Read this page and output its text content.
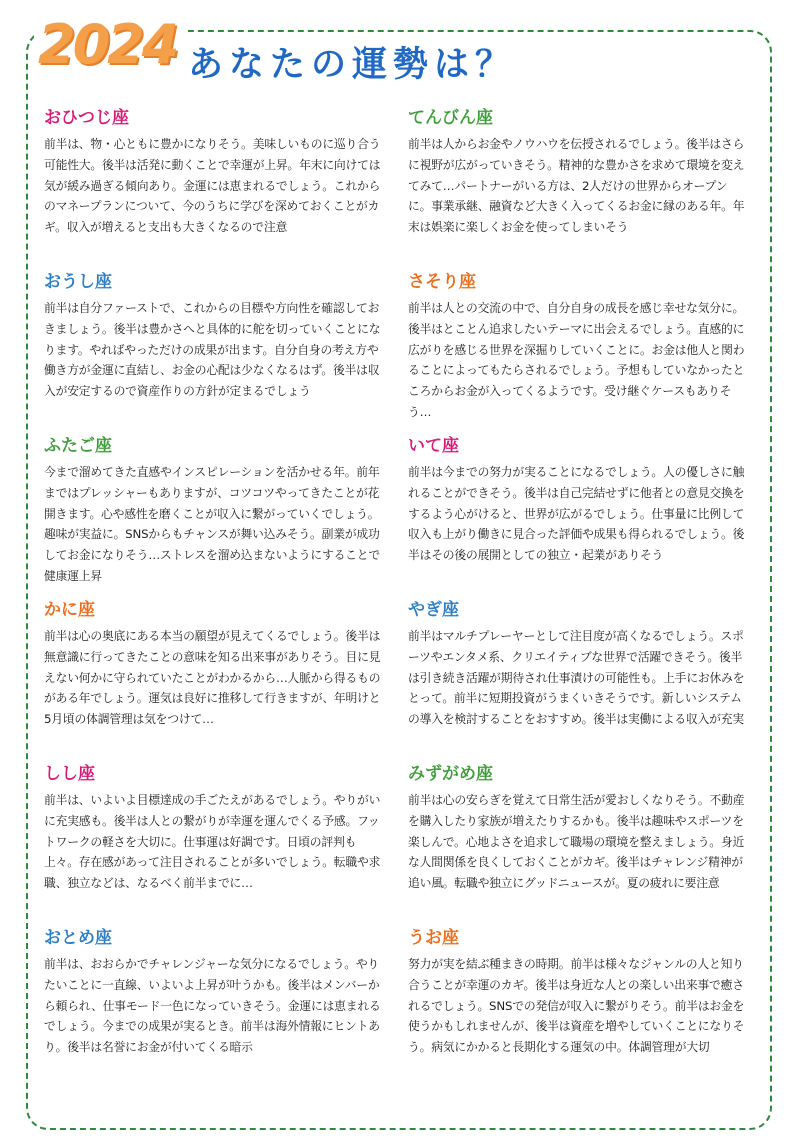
2024 あなたの運勢は？
おひつじ座

前半は、物・心ともに豊かになりそう。美味しいものに巡り合う可能性大。後半は活発に動くことで幸運が上昇。年末に向けては気が緩み過ぎる傾向あり。金運には恵まれるでしょう。これからのマネープランについて、今のうちに学びを深めておくことがカギ。収入が増えると支出も大きくなるので注意

おうし座

前半は自分ファーストで、これからの目標や方向性を確認しておきましょう。後半は豊かさへと具体的に舵を切っていくことになります。やればやっただけの成果が出ます。自分自身の考え方や働き方が金運に直結し、お金の心配は少なくなるはず。後半は収入が安定するので資産作りの方針が定まるでしょう

ふたご座

今まで溜めてきた直感やインスピレーションを活かせる年。前年まではプレッシャーもありますが、コツコツやってきたことが花開きます。心や感性を磨くことが収入に繋がっていくでしょう。趣味が実益に。SNSからもチャンスが舞い込みそう。副業が成功してお金になりそう…ストレスを溜め込まないようにすることで健康運上昇

かに座

前半は心の奥底にある本当の願望が見えてくるでしょう。後半は無意識に行ってきたことの意味を知る出来事がありそう。目に見えない何かに守られていたことがわかるから…人脈から得るものがある年でしょう。運気は良好に推移して行きますが、年明けと5月頃の体調管理は気をつけて…

しし座

前半は、いよいよ目標達成の手ごたえがあるでしょう。やりがいに充実感も。後半は人との繋がりが幸運を運んでくる予感。フットワークの軽さを大切に。仕事運は好調です。日頃の評判も上々。存在感があって注目されることが多いでしょう。転職や求職、独立などは、なるべく前半までに…

おとめ座

前半は、おおらかでチャレンジャーな気分になるでしょう。やりたいことに一直線、いよいよ上昇が叶うかも。後半はメンバーから頼られ、仕事モード一色になっていきそう。金運には恵まれるでしょう。今までの成果が実るとき。前半は海外情報にヒントあり。後半は名誉にお金が付いてくる暗示

てんびん座

前半は人からお金やノウハウを伝授されるでしょう。後半はさらに視野が広がっていきそう。精神的な豊かさを求めて環境を変えてみて…パートナーがいる方は、2人だけの世界からオープンに。事業承継、融資など大きく入ってくるお金に縁のある年。年末は娯楽に楽しくお金を使ってしまいそう

さそり座

前半は人との交流の中で、自分自身の成長を感じ幸せな気分に。後半はとことん追求したいテーマに出会えるでしょう。直感的に広がりを感じる世界を深掘りしていくことに。お金は他人と関わることによってもたらされるでしょう。予想もしていなかったところからお金が入ってくるようです。受け継ぐケースもありそう…

いて座

前半は今までの努力が実ることになるでしょう。人の優しさに触れることができそう。後半は自己完結せずに他者との意見交換をするよう心がけると、世界が広がるでしょう。仕事量に比例して収入も上がり働きに見合った評価や成果も得られるでしょう。後半はその後の展開としての独立・起業がありそう

やぎ座

前半はマルチプレーヤーとして注目度が高くなるでしょう。スポーツやエンタメ系、クリエイティブな世界で活躍できそう。後半は引き続き活躍が期待され仕事漬けの可能性も。上手にお休みをとって。前半に短期投資がうまくいきそうです。新しいシステムの導入を検討することをおすすめ。後半は実働による収入が充実

みずがめ座

前半は心の安らぎを覚えて日常生活が愛おしくなりそう。不動産を購入したり家族が増えたりするかも。後半は趣味やスポーツを楽しんで。心地よさを追求して職場の環境を整えましょう。身近な人間関係を良くしておくことがカギ。後半はチャレンジ精神が追い風。転職や独立にグッドニュースが。夏の疲れに要注意

うお座

努力が実を結ぶ種まきの時期。前半は様々なジャンルの人と知り合うことが幸運のカギ。後半は身近な人との楽しい出来事で癒されるでしょう。SNSでの発信が収入に繋がりそう。前半はお金を使うかもしれませんが、後半は資産を増やしていくことになりそう。病気にかかると長期化する運気の中。体調管理が大切
